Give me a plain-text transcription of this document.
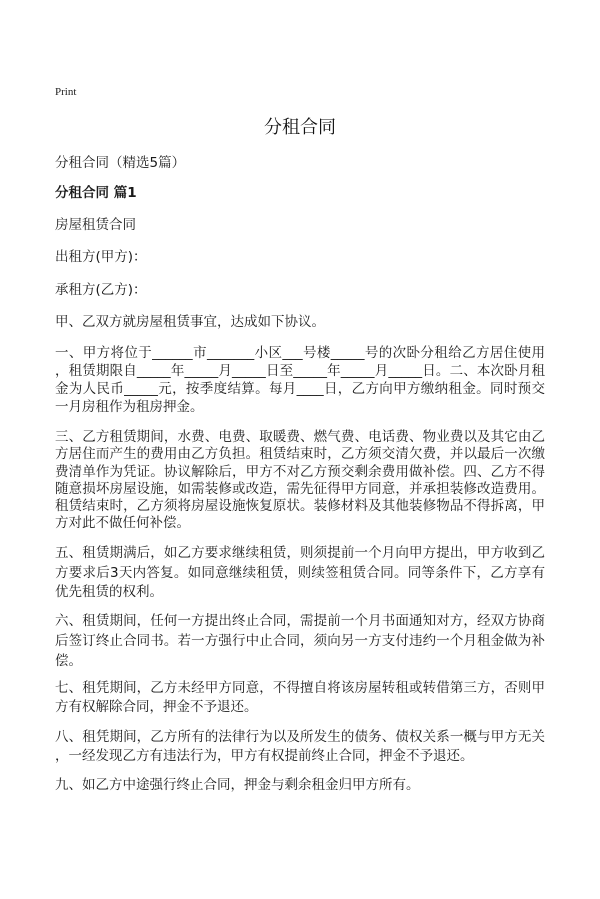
Print
分租合同
分租合同（精选5篇）
分租合同 篇1
房屋租赁合同
出租方(甲方)：
承租方(乙方)：
甲、乙双方就房屋租赁事宜，达成如下协议。
一、甲方将位于______市_______小区___号楼_____号的次卧分租给乙方居住使用
，租赁期限自_____年_____月_____日至_____年_____月_____日。二、本次卧月租
金为人民币_____元，按季度结算。每月____日，乙方向甲方缴纳租金。同时预交
一月房租作为租房押金。
三、乙方租赁期间，水费、电费、取暖费、燃气费、电话费、物业费以及其它由乙
方居住而产生的费用由乙方负担。租赁结束时，乙方须交清欠费，并以最后一次缴
费清单作为凭证。协议解除后，甲方不对乙方预交剩余费用做补偿。四、乙方不得
随意损坏房屋设施，如需装修或改造，需先征得甲方同意，并承担装修改造费用。
租赁结束时，乙方须将房屋设施恢复原状。装修材料及其他装修物品不得拆离，甲
方对此不做任何补偿。
五、租赁期满后，如乙方要求继续租赁，则须提前一个月向甲方提出，甲方收到乙
方要求后3天内答复。如同意继续租赁，则续签租赁合同。同等条件下，乙方享有
优先租赁的权利。
六、租赁期间，任何一方提出终止合同，需提前一个月书面通知对方，经双方协商
后签订终止合同书。若一方强行中止合同，须向另一方支付违约一个月租金做为补
偿。
七、租凭期间，乙方未经甲方同意，不得擅自将该房屋转租或转借第三方，否则甲
方有权解除合同，押金不予退还。
八、租凭期间，乙方所有的法律行为以及所发生的债务、债权关系一概与甲方无关
，一经发现乙方有违法行为，甲方有权提前终止合同，押金不予退还。
九、如乙方中途强行终止合同，押金与剩余租金归甲方所有。
